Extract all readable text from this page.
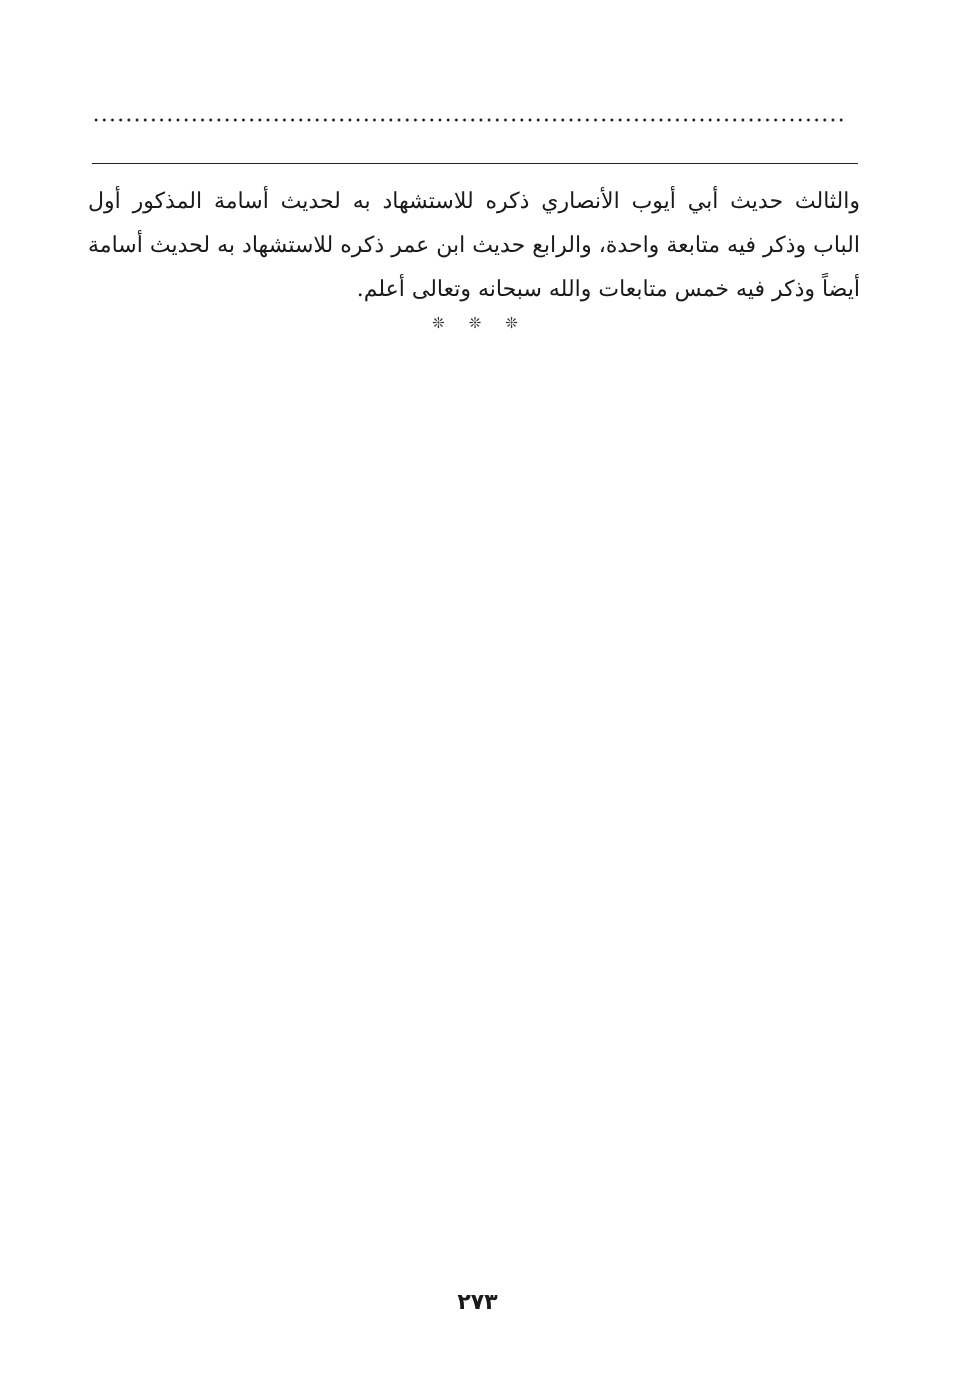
والثالث حديث أبي أيوب الأنصاري ذكره للاستشهاد به لحديث أسامة المذكور أول الباب وذكر فيه متابعة واحدة، والرابع حديث ابن عمر ذكره للاستشهاد به لحديث أسامة أيضاً وذكر فيه خمس متابعات والله سبحانه وتعالى أعلم.

❊ ❊ ❊
٢٧٣
